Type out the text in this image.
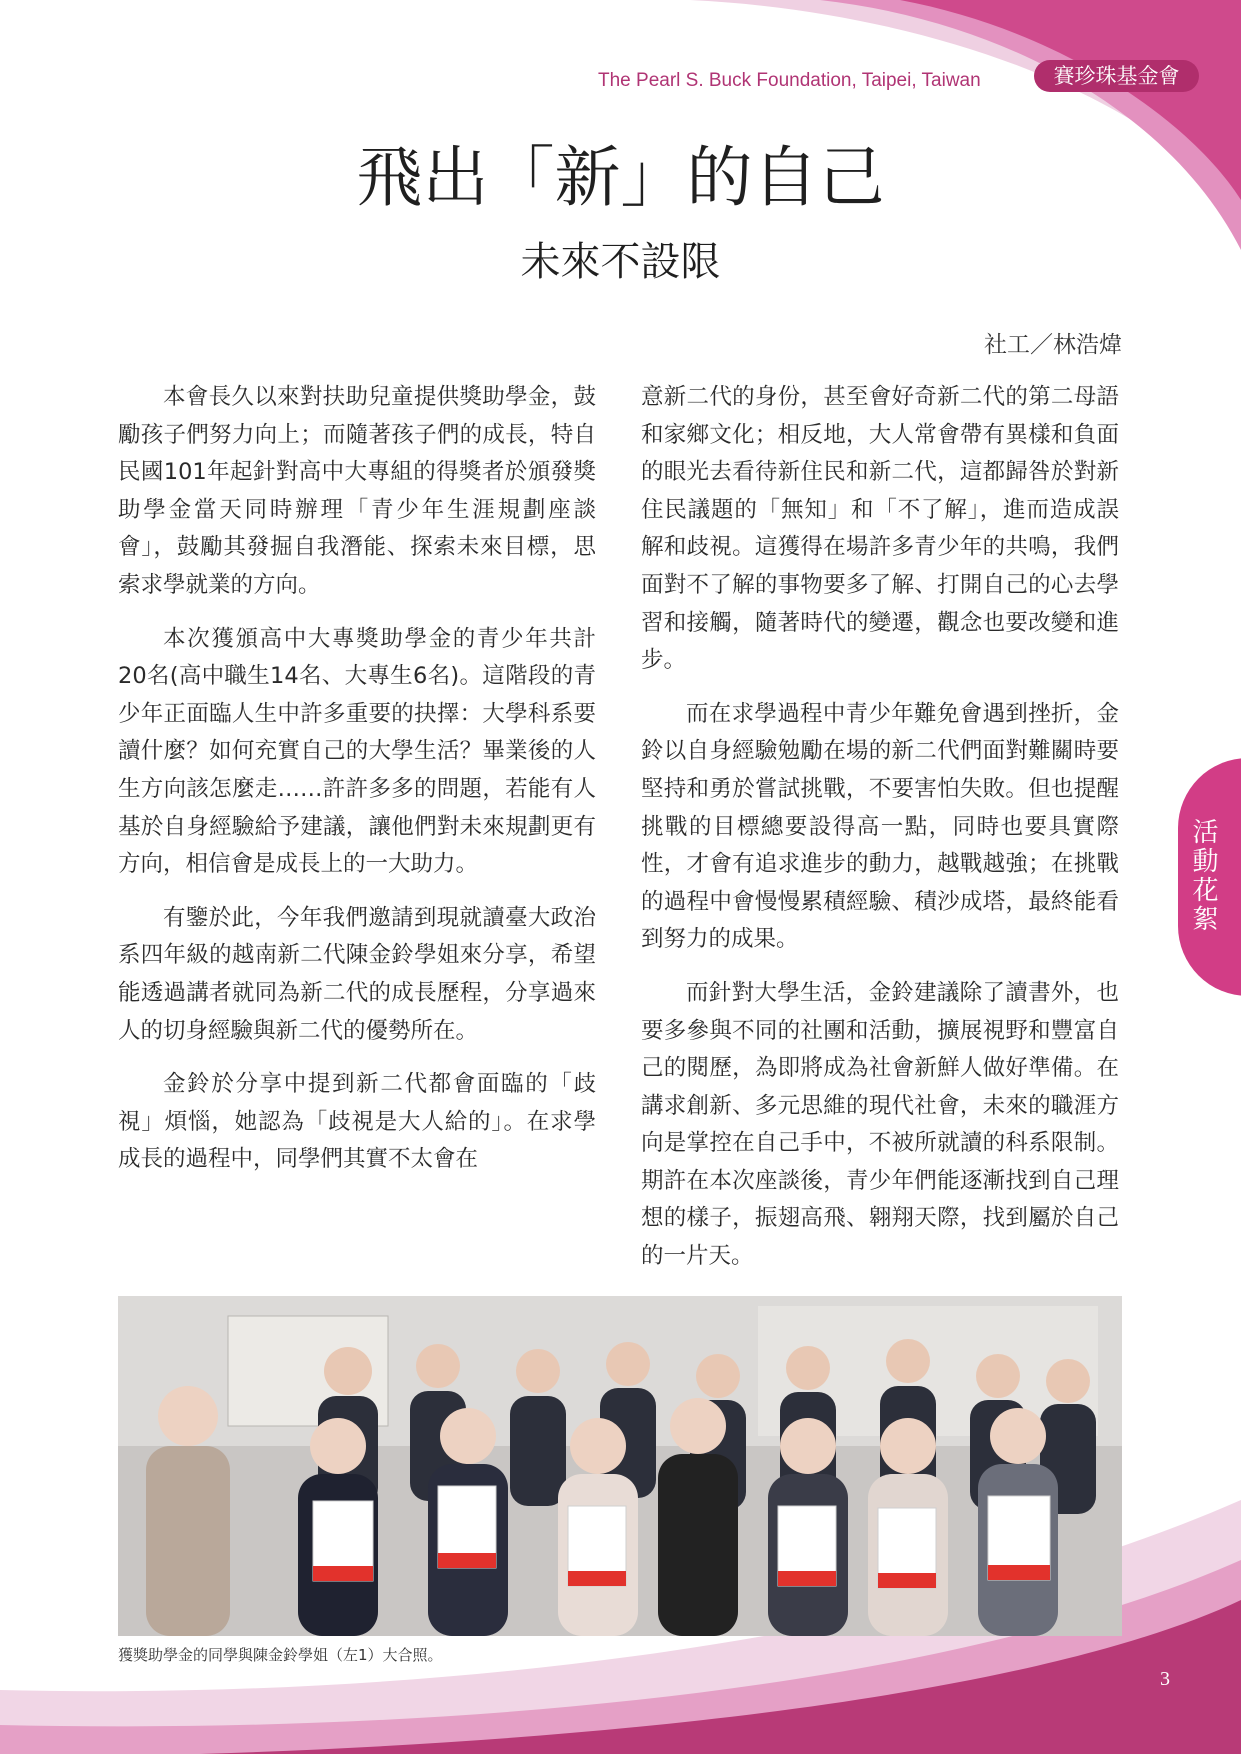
The Pearl S. Buck Foundation, Taipei, Taiwan	賽珍珠基金會
飛出「新」的自己
未來不設限
社工／林浩煒

本會長久以來對扶助兒童提供獎助學金，鼓勵孩子們努力向上；而隨著孩子們的成長，特自民國101年起針對高中大專組的得獎者於頒發獎助學金當天同時辦理「青少年生涯規劃座談會」，鼓勵其發掘自我潛能、探索未來目標，思索求學就業的方向。

本次獲頒高中大專獎助學金的青少年共計20名(高中職生14名、大專生6名)。這階段的青少年正面臨人生中許多重要的抉擇：大學科系要讀什麼？如何充實自己的大學生活？畢業後的人生方向該怎麼走……許許多多的問題，若能有人基於自身經驗給予建議，讓他們對未來規劃更有方向，相信會是成長上的一大助力。

有鑒於此，今年我們邀請到現就讀臺大政治系四年級的越南新二代陳金鈴學姐來分享，希望能透過講者就同為新二代的成長歷程，分享過來人的切身經驗與新二代的優勢所在。

金鈴於分享中提到新二代都會面臨的「歧視」煩惱，她認為「歧視是大人給的」。在求學成長的過程中，同學們其實不太會在

意新二代的身份，甚至會好奇新二代的第二母語和家鄉文化；相反地，大人常會帶有異樣和負面的眼光去看待新住民和新二代，這都歸咎於對新住民議題的「無知」和「不了解」，進而造成誤解和歧視。這獲得在場許多青少年的共鳴，我們面對不了解的事物要多了解、打開自己的心去學習和接觸，隨著時代的變遷，觀念也要改變和進步。

而在求學過程中青少年難免會遇到挫折，金鈴以自身經驗勉勵在場的新二代們面對難關時要堅持和勇於嘗試挑戰，不要害怕失敗。但也提醒挑戰的目標總要設得高一點，同時也要具實際性，才會有追求進步的動力，越戰越強；在挑戰的過程中會慢慢累積經驗、積沙成塔，最終能看到努力的成果。

而針對大學生活，金鈴建議除了讀書外，也要多參與不同的社團和活動，擴展視野和豐富自己的閱歷，為即將成為社會新鮮人做好準備。在講求創新、多元思維的現代社會，未來的職涯方向是掌控在自己手中，不被所就讀的科系限制。期許在本次座談後，青少年們能逐漸找到自己理想的樣子，振翅高飛、翱翔天際，找到屬於自己的一片天。

活動花絮
獲獎助學金的同學與陳金鈴學姐（左1）大合照。
3
